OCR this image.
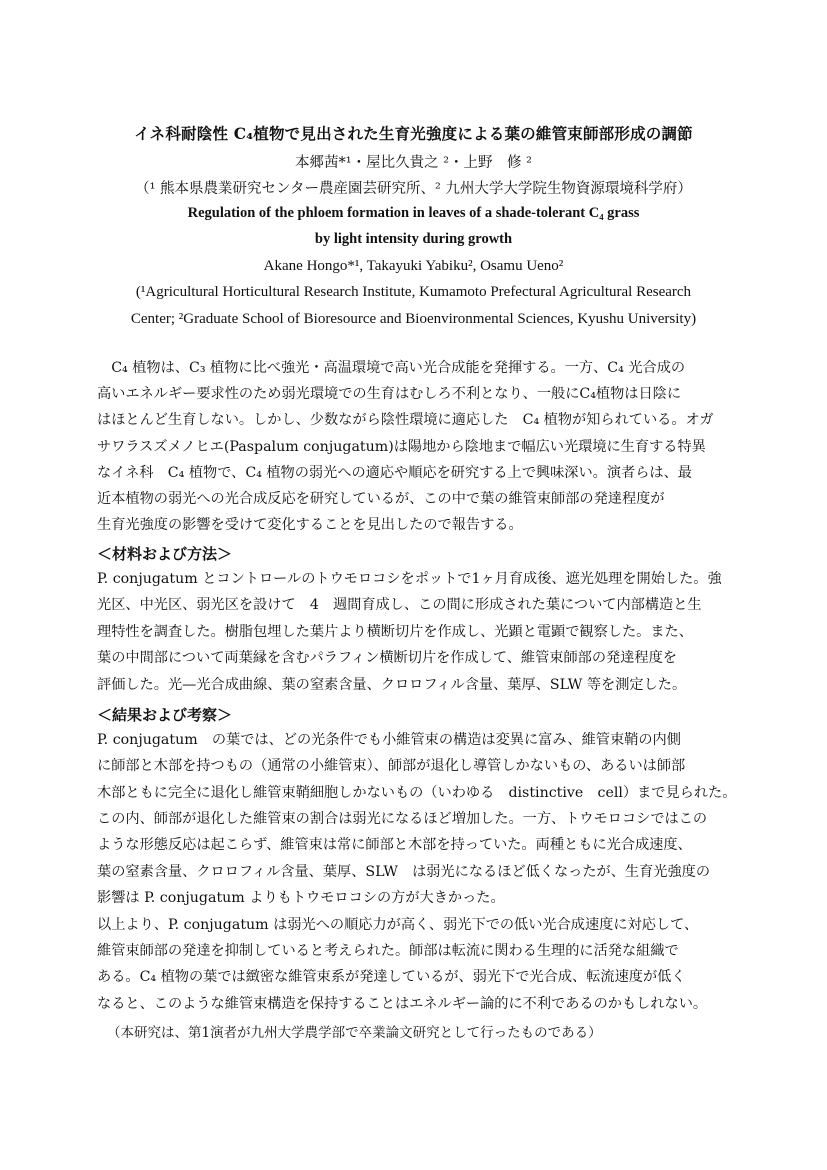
イネ科耐陰性 C₄植物で見出された生育光強度による葉の維管束師部形成の調節
本郷茜*¹・屋比久貴之 ²・上野　修 ²
（¹ 熊本県農業研究センター農産園芸研究所、² 九州大学大学院生物資源環境科学府）
Regulation of the phloem formation in leaves of a shade-tolerant C₄ grass
by light intensity during growth
Akane Hongo*¹, Takayuki Yabiku², Osamu Ueno²
(¹Agricultural Horticultural Research Institute, Kumamoto Prefectural Agricultural Research
Center; ²Graduate School of Bioresource and Bioenvironmental Sciences, Kyushu University)
　C₄ 植物は、C₃ 植物に比べ強光・高温環境で高い光合成能を発揮する。一方、C₄ 光合成の
高いエネルギー要求性のため弱光環境での生育はむしろ不利となり、一般にC₄植物は日陰に
はほとんど生育しない。しかし、少数ながら陰性環境に適応した　C₄ 植物が知られている。オガ
サワラスズメノヒエ(Paspalum conjugatum)は陽地から陰地まで幅広い光環境に生育する特異
なイネ科　C₄ 植物で、C₄ 植物の弱光への適応や順応を研究する上で興味深い。演者らは、最
近本植物の弱光への光合成反応を研究しているが、この中で葉の維管束師部の発達程度が
生育光強度の影響を受けて変化することを見出したので報告する。
＜材料および方法＞
P. conjugatum とコントロールのトウモロコシをポットで1ヶ月育成後、遮光処理を開始した。強
光区、中光区、弱光区を設けて　4　週間育成し、この間に形成された葉について内部構造と生
理特性を調査した。樹脂包埋した葉片より横断切片を作成し、光顕と電顕で観察した。また、
葉の中間部について両葉縁を含むパラフィン横断切片を作成して、維管束師部の発達程度を
評価した。光—光合成曲線、葉の窒素含量、クロロフィル含量、葉厚、SLW 等を測定した。
＜結果および考察＞
P. conjugatum　の葉では、どの光条件でも小維管束の構造は変異に富み、維管束鞘の内側
に師部と木部を持つもの（通常の小維管束）、師部が退化し導管しかないもの、あるいは師部
木部ともに完全に退化し維管束鞘細胞しかないもの（いわゆる　distinctive　cell）まで見られた。
この内、師部が退化した維管束の割合は弱光になるほど増加した。一方、トウモロコシではこの
ような形態反応は起こらず、維管束は常に師部と木部を持っていた。両種ともに光合成速度、
葉の窒素含量、クロロフィル含量、葉厚、SLW　は弱光になるほど低くなったが、生育光強度の
影響は P. conjugatum よりもトウモロコシの方が大きかった。
以上より、P. conjugatum は弱光への順応力が高く、弱光下での低い光合成速度に対応して、
維管束師部の発達を抑制していると考えられた。師部は転流に関わる生理的に活発な組織で
ある。C₄ 植物の葉では緻密な維管束系が発達しているが、弱光下で光合成、転流速度が低く
なると、このような維管束構造を保持することはエネルギー論的に不利であるのかもしれない。
（本研究は、第1演者が九州大学農学部で卒業論文研究として行ったものである）
